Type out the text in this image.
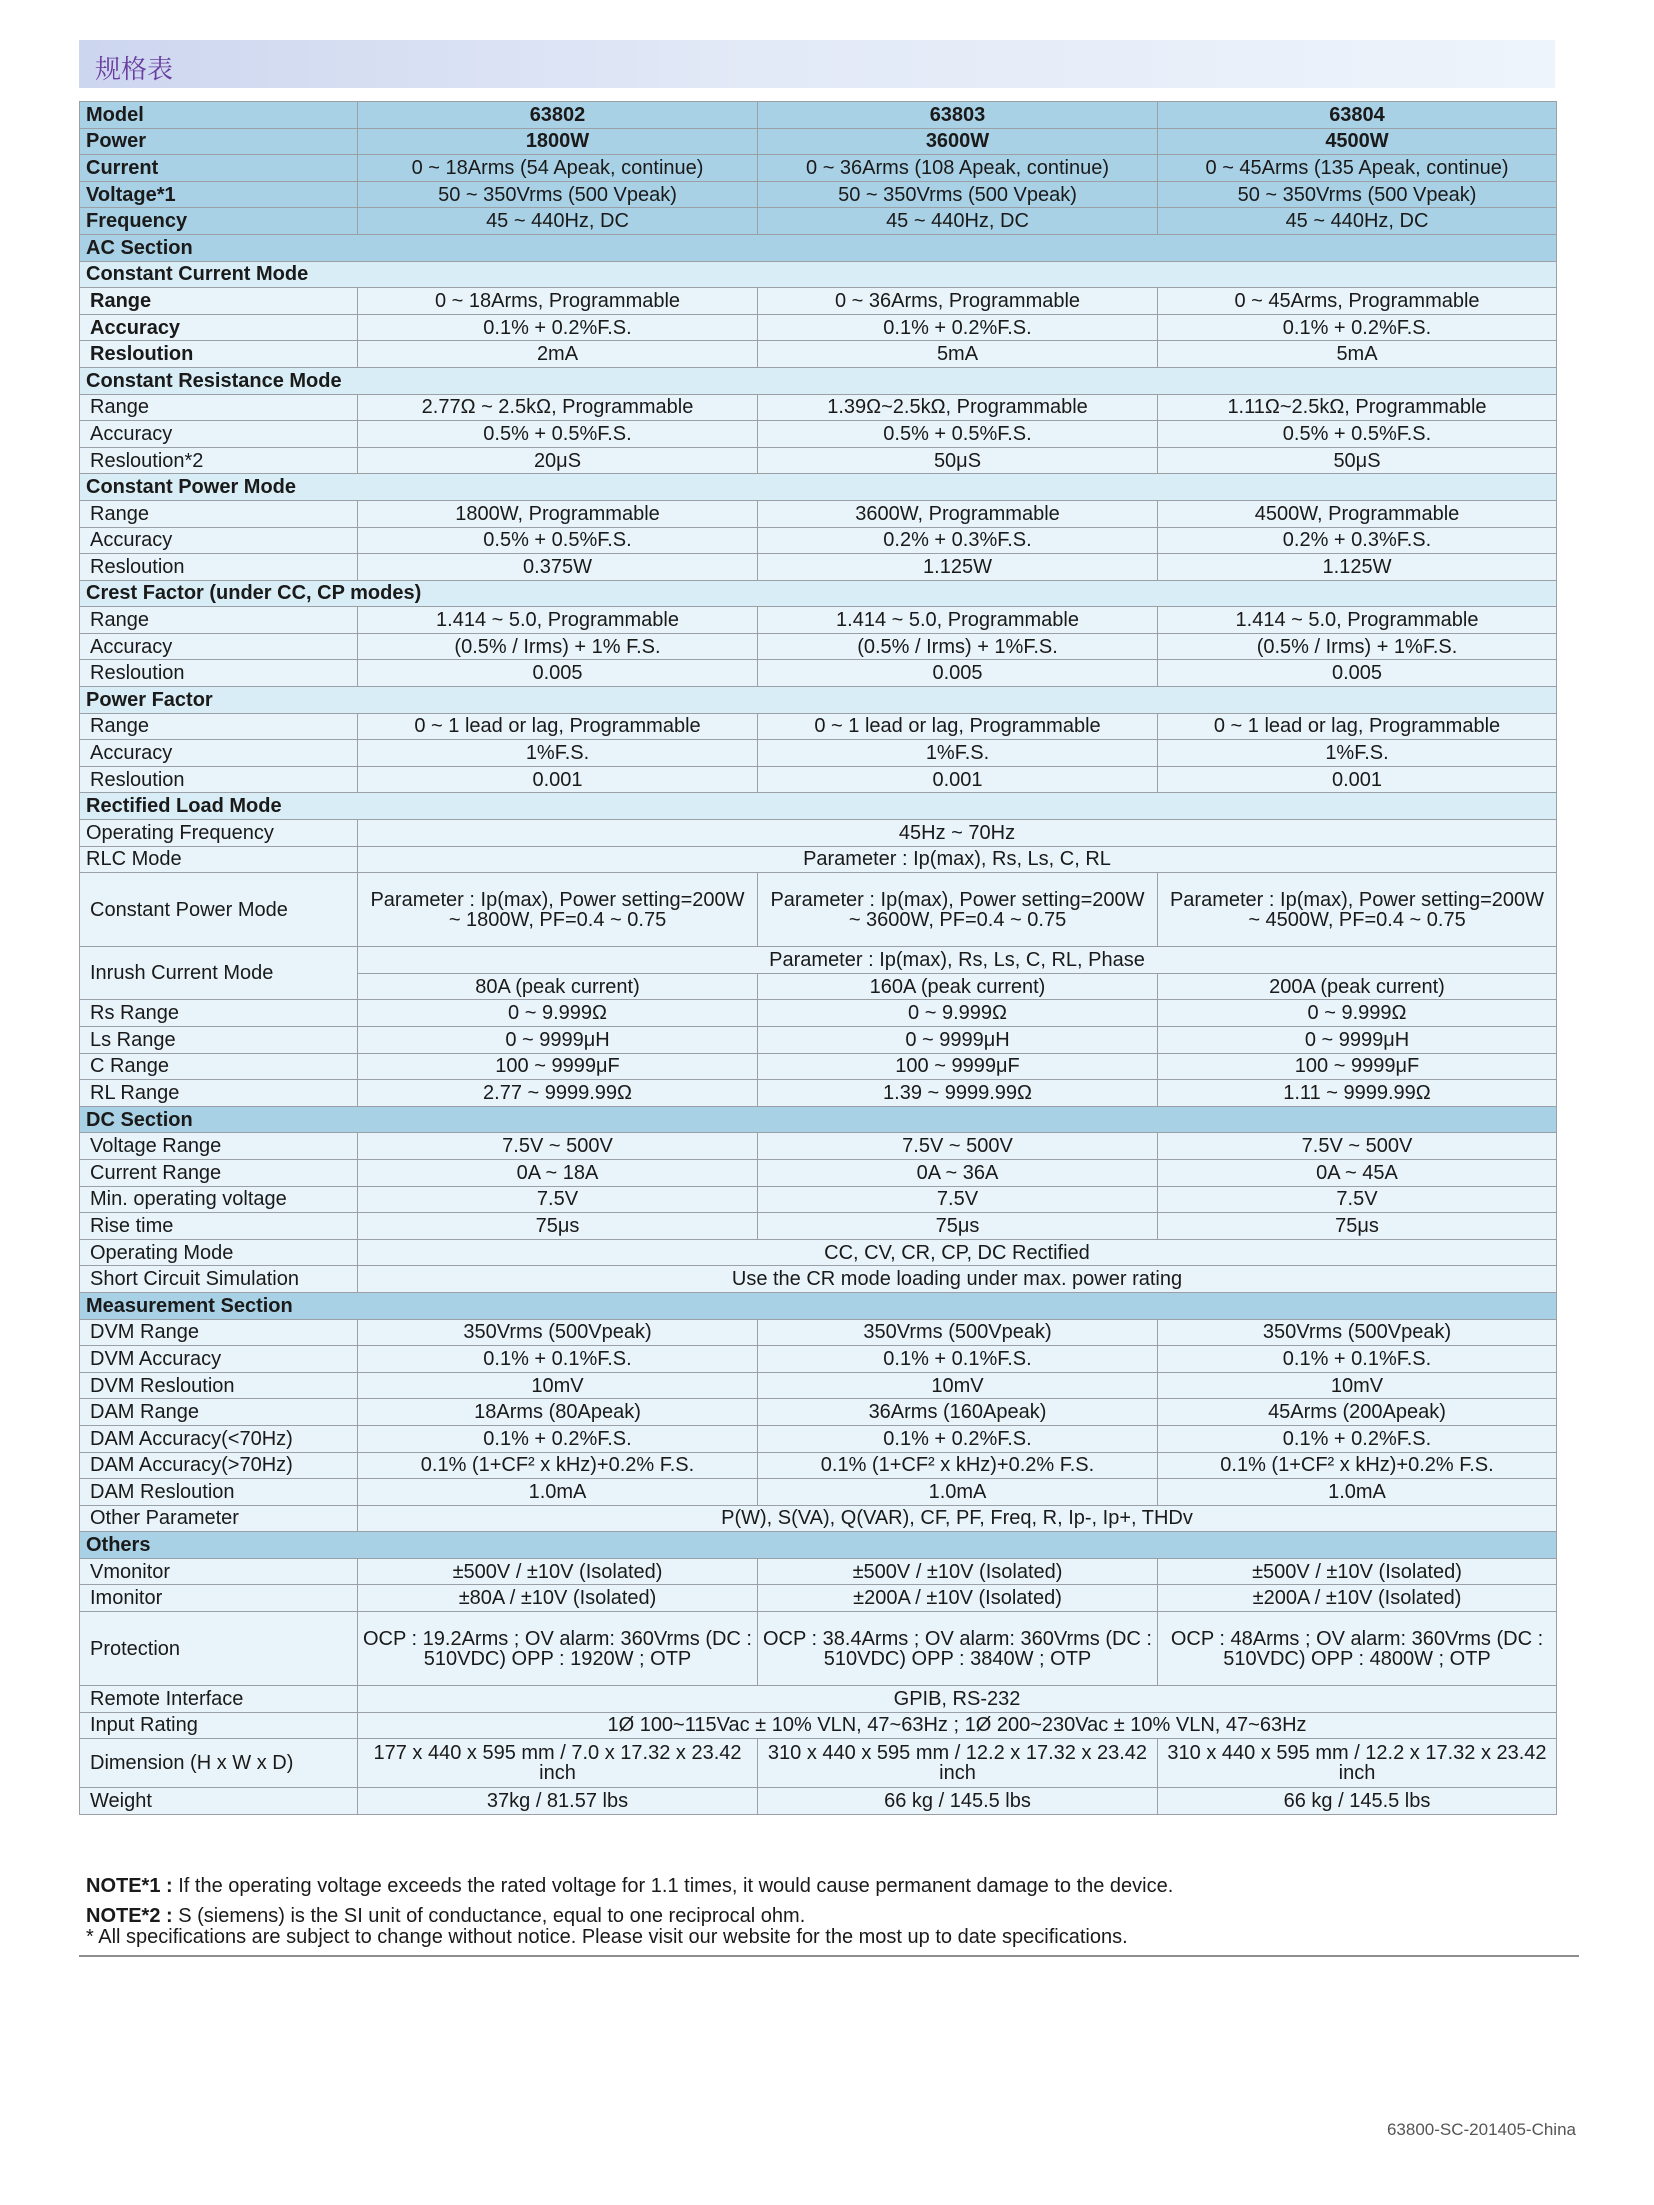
规格表
Model	63802	63803	63804
Power	1800W	3600W	4500W
Current	0 ~ 18Arms (54 Apeak, continue)	0 ~ 36Arms (108 Apeak, continue)	0 ~ 45Arms (135 Apeak, continue)
Voltage*1	50 ~ 350Vrms (500 Vpeak)	50 ~ 350Vrms (500 Vpeak)	50 ~ 350Vrms (500 Vpeak)
Frequency	45 ~ 440Hz, DC	45 ~ 440Hz, DC	45 ~ 440Hz, DC
AC Section			
Constant Current Mode			
Range	0 ~ 18Arms, Programmable	0 ~ 36Arms, Programmable	0 ~ 45Arms, Programmable
Accuracy	0.1% + 0.2%F.S.	0.1% + 0.2%F.S.	0.1% + 0.2%F.S.
Resloution	2mA	5mA	5mA
Constant Resistance Mode			
Range	2.77Ω ~ 2.5kΩ, Programmable	1.39Ω~2.5kΩ, Programmable	1.11Ω~2.5kΩ, Programmable
Accuracy	0.5% + 0.5%F.S.	0.5% + 0.5%F.S.	0.5% + 0.5%F.S.
Resloution*2	20μS	50μS	50μS
Constant Power Mode			
Range	1800W, Programmable	3600W, Programmable	4500W, Programmable
Accuracy	0.5% + 0.5%F.S.	0.2% + 0.3%F.S.	0.2% + 0.3%F.S.
Resloution	0.375W	1.125W	1.125W
Crest Factor (under CC, CP modes)			
Range	1.414 ~ 5.0, Programmable	1.414 ~ 5.0, Programmable	1.414 ~ 5.0, Programmable
Accuracy	(0.5% / Irms) + 1% F.S.	(0.5% / Irms) + 1%F.S.	(0.5% / Irms) + 1%F.S.
Resloution	0.005	0.005	0.005
Power Factor			
Range	0 ~ 1 lead or lag, Programmable	0 ~ 1 lead or lag, Programmable	0 ~ 1 lead or lag, Programmable
Accuracy	1%F.S.	1%F.S.	1%F.S.
Resloution	0.001	0.001	0.001
Rectified Load Mode			
Operating Frequency	45Hz ~ 70Hz		
RLC Mode	Parameter : Ip(max), Rs, Ls, C, RL		
Constant Power Mode	Parameter : Ip(max), Power setting=200W ~ 1800W, PF=0.4 ~ 0.75	Parameter : Ip(max), Power setting=200W ~ 3600W, PF=0.4 ~ 0.75	Parameter : Ip(max), Power setting=200W ~ 4500W, PF=0.4 ~ 0.75
Inrush Current Mode	Parameter : Ip(max), Rs, Ls, C, RL, Phase		
	80A (peak current)	160A (peak current)	200A (peak current)
Rs Range	0 ~ 9.999Ω	0 ~ 9.999Ω	0 ~ 9.999Ω
Ls Range	0 ~ 9999μH	0 ~ 9999μH	0 ~ 9999μH
C Range	100 ~ 9999μF	100 ~ 9999μF	100 ~ 9999μF
RL Range	2.77 ~ 9999.99Ω	1.39 ~ 9999.99Ω	1.11 ~ 9999.99Ω
DC Section			
Voltage Range	7.5V ~ 500V	7.5V ~ 500V	7.5V ~ 500V
Current Range	0A ~ 18A	0A ~ 36A	0A ~ 45A
Min. operating voltage	7.5V	7.5V	7.5V
Rise time	75μs	75μs	75μs
Operating Mode	CC, CV, CR, CP, DC Rectified		
Short Circuit Simulation	Use the CR mode loading under max. power rating		
Measurement Section			
DVM Range	350Vrms (500Vpeak)	350Vrms (500Vpeak)	350Vrms (500Vpeak)
DVM Accuracy	0.1% + 0.1%F.S.	0.1% + 0.1%F.S.	0.1% + 0.1%F.S.
DVM Resloution	10mV	10mV	10mV
DAM Range	18Arms (80Apeak)	36Arms (160Apeak)	45Arms (200Apeak)
DAM Accuracy(<70Hz)	0.1% + 0.2%F.S.	0.1% + 0.2%F.S.	0.1% + 0.2%F.S.
DAM Accuracy(>70Hz)	0.1% (1+CF² x kHz)+0.2% F.S.	0.1% (1+CF² x kHz)+0.2% F.S.	0.1% (1+CF² x kHz)+0.2% F.S.
DAM Resloution	1.0mA	1.0mA	1.0mA
Other Parameter	P(W), S(VA), Q(VAR), CF, PF, Freq, R, Ip-, Ip+, THDv		
Others			
Vmonitor	±500V / ±10V (Isolated)	±500V / ±10V (Isolated)	±500V / ±10V (Isolated)
Imonitor	±80A / ±10V (Isolated)	±200A / ±10V (Isolated)	±200A / ±10V (Isolated)
Protection	OCP : 19.2Arms ; OV alarm: 360Vrms (DC : 510VDC) OPP : 1920W ; OTP	OCP : 38.4Arms ; OV alarm: 360Vrms (DC : 510VDC) OPP : 3840W ; OTP	OCP : 48Arms ; OV alarm: 360Vrms (DC : 510VDC) OPP : 4800W ; OTP
Remote Interface	GPIB, RS-232		
Input Rating	1Ø 100~115Vac ± 10% VLN, 47~63Hz ; 1Ø 200~230Vac ± 10% VLN, 47~63Hz		
Dimension (H x W x D)	177 x 440 x 595 mm / 7.0 x 17.32 x 23.42 inch	310 x 440 x 595 mm / 12.2 x 17.32 x 23.42 inch	310 x 440 x 595 mm / 12.2 x 17.32 x 23.42 inch
Weight	37kg / 81.57 lbs	66 kg / 145.5 lbs	66 kg / 145.5 lbs

NOTE*1 : If the operating voltage exceeds the rated voltage for 1.1 times, it would cause permanent damage to the device.

NOTE*2 : S (siemens) is the SI unit of conductance, equal to one reciprocal ohm.

* All specifications are subject to change without notice. Please visit our website for the most up to date specifications.

63800-SC-201405-China
